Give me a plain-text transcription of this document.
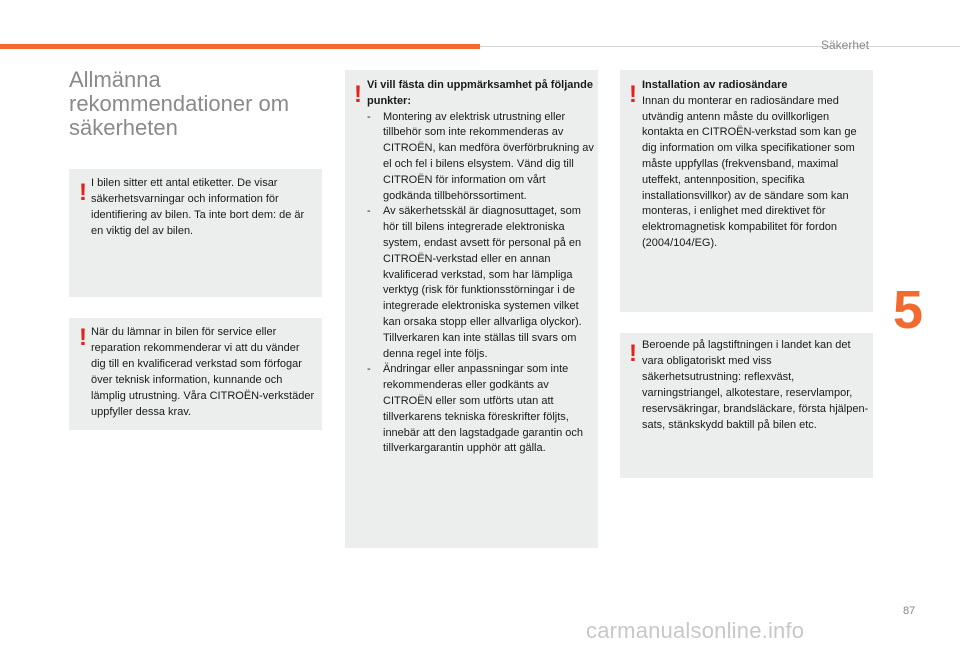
Säkerhet
5
87
Allmänna
rekommendationer om
säkerheten
! I bilen sitter ett antal etiketter. De visar säkerhetsvarningar och information för identifiering av bilen. Ta inte bort dem: de är en viktig del av bilen.
! När du lämnar in bilen för service eller reparation rekommenderar vi att du vänder dig till en kvalificerad verkstad som förfogar över teknisk information, kunnande och lämplig utrustning. Våra CITROËN-verkstäder uppfyller dessa krav.
! Vi vill fästa din uppmärksamhet på följande punkter:
- Montering av elektrisk utrustning eller tillbehör som inte rekommenderas av CITROËN, kan medföra överförbrukning av el och fel i bilens elsystem. Vänd dig till CITROËN för information om vårt godkända tillbehörssortiment.
- Av säkerhetsskäl är diagnosuttaget, som hör till bilens integrerade elektroniska system, endast avsett för personal på en CITROËN-verkstad eller en annan kvalificerad verkstad, som har lämpliga verktyg (risk för funktionsstörningar i de integrerade elektroniska systemen vilket kan orsaka stopp eller allvarliga olyckor). Tillverkaren kan inte ställas till svars om denna regel inte följs.
- Ändringar eller anpassningar som inte rekommenderas eller godkänts av CITROËN eller som utförts utan att tillverkarens tekniska föreskrifter följts, innebär att den lagstadgade garantin och tillverkargarantin upphör att gälla.
! Installation av radiosändare
Innan du monterar en radiosändare med utvändig antenn måste du ovillkorligen kontakta en CITROËN-verkstad som kan ge dig information om vilka specifikationer som måste uppfyllas (frekvensband, maximal uteffekt, antennposition, specifika installationsvillkor) av de sändare som kan monteras, i enlighet med direktivet för elektromagnetisk kompabilitet för fordon (2004/104/EG).
! Beroende på lagstiftningen i landet kan det vara obligatoriskt med viss säkerhetsutrustning: reflexväst, varningstriangel, alkotestare, reservlampor, reservsäkringar, brandsläckare, första hjälpen-sats, stänkskydd baktill på bilen etc.
carmanualsonline.info
